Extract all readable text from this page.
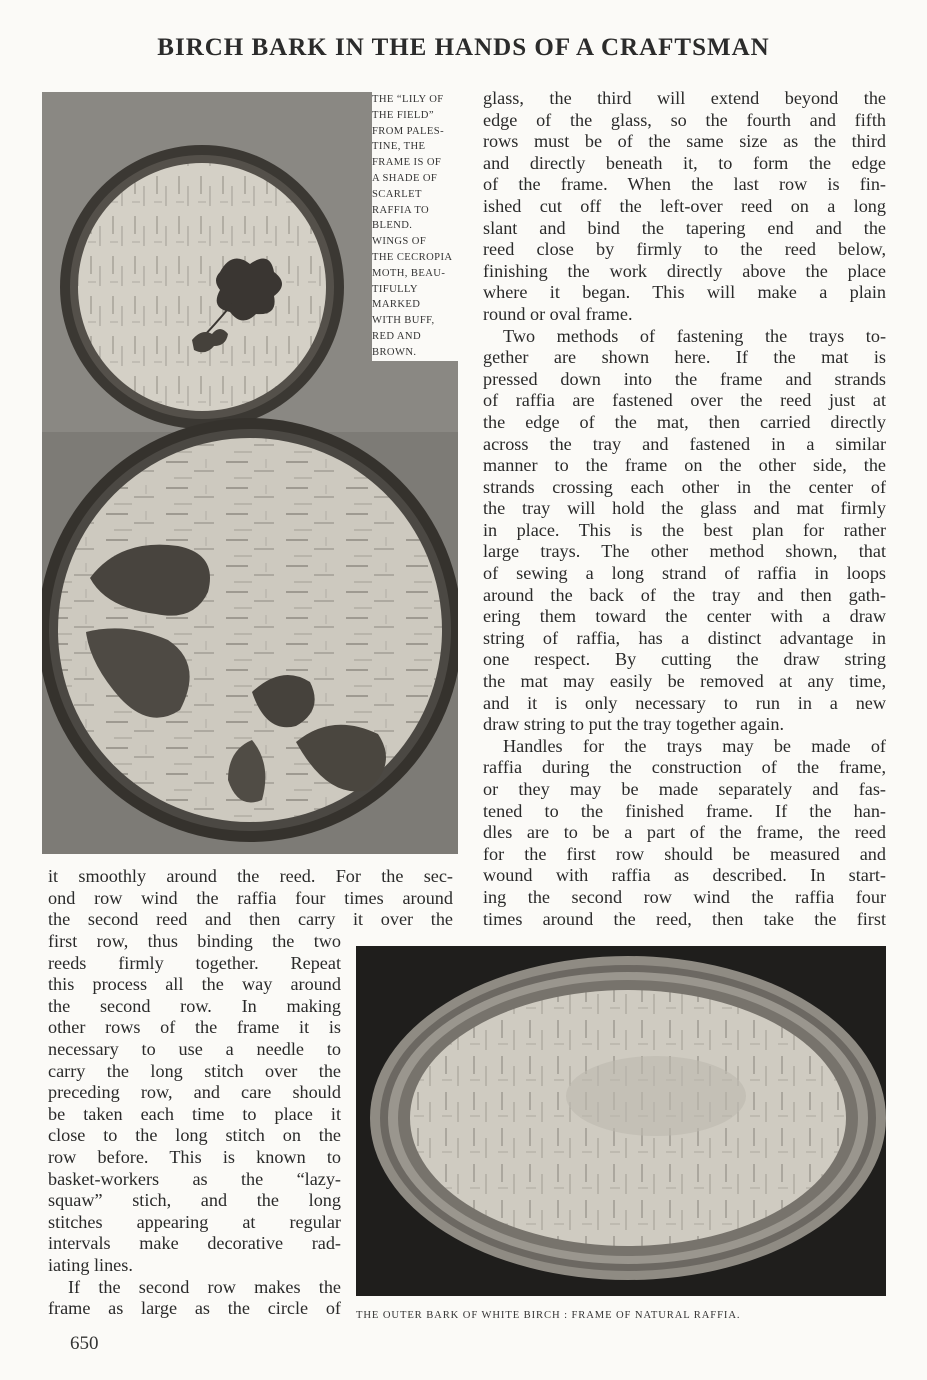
BIRCH BARK IN THE HANDS OF A CRAFTSMAN
THE “LILY OF
THE FIELD”
FROM PALES-
TINE, THE
FRAME IS OF
A SHADE OF
SCARLET
RAFFIA TO
BLEND.
WINGS OF
THE CECROPIA
MOTH, BEAU-
TIFULLY
MARKED
WITH BUFF,
RED AND
BROWN.
glass, the third will extend beyond the
edge of the glass, so the fourth and fifth
rows must be of the same size as the third
and directly beneath it, to form the edge
of the frame. When the last row is fin-
ished cut off the left-over reed on a long
slant and bind the tapering end and the
reed close by firmly to the reed below,
finishing the work directly above the place
where it began. This will make a plain
round or oval frame.
Two methods of fastening the trays to-
gether are shown here. If the mat is
pressed down into the frame and strands
of raffia are fastened over the reed just at
the edge of the mat, then carried directly
across the tray and fastened in a similar
manner to the frame on the other side, the
strands crossing each other in the center of
the tray will hold the glass and mat firmly
in place. This is the best plan for rather
large trays. The other method shown, that
of sewing a long strand of raffia in loops
around the back of the tray and then gath-
ering them toward the center with a draw
string of raffia, has a distinct advantage in
one respect. By cutting the draw string
the mat may easily be removed at any time,
and it is only necessary to run in a new
draw string to put the tray together again.
Handles for the trays may be made of
raffia during the construction of the frame,
or they may be made separately and fas-
tened to the finished frame. If the han-
dles are to be a part of the frame, the reed
for the first row should be measured and
wound with raffia as described. In start-
ing the second row wind the raffia four
times around the reed, then take the first
it smoothly around the reed. For the sec-
ond row wind the raffia four times around
the second reed and then carry it over the
first row, thus binding the two
reeds firmly together. Repeat
this process all the way around
the second row. In making
other rows of the frame it is
necessary to use a needle to
carry the long stitch over the
preceding row, and care should
be taken each time to place it
close to the long stitch on the
row before. This is known to
basket-workers as the “lazy-
squaw” stich, and the long
stitches appearing at regular
intervals make decorative rad-
iating lines.
If the second row makes the
frame as large as the circle of THE OUTER BARK OF WHITE BIRCH : FRAME OF NATURAL RAFFIA.
650
